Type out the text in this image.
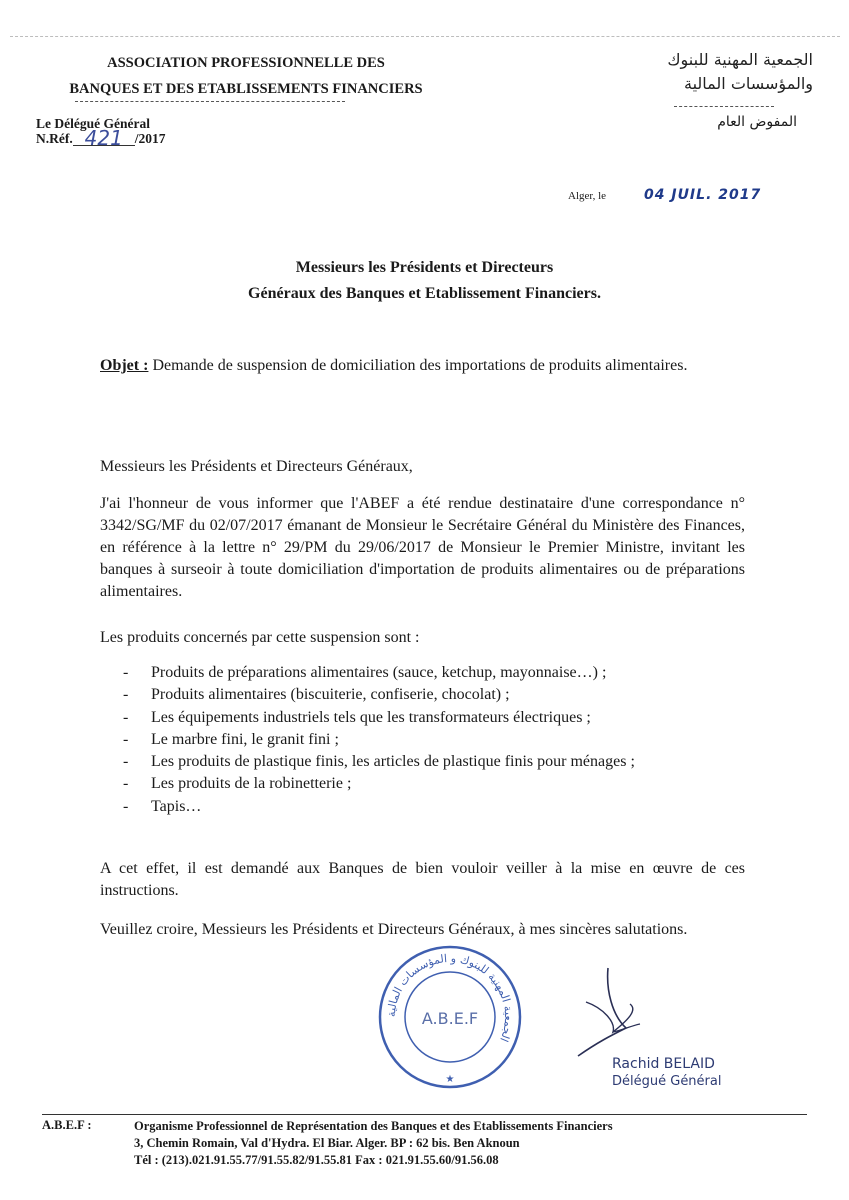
ASSOCIATION PROFESSIONNELLE DES
BANQUES ET DES ETABLISSEMENTS FINANCIERS
Le Délégué Général
N.Réf. 421 /2017
الجمعية المهنية للبنوك
والمؤسسات المالية
المفوض العام
Alger, le	04 JUIL. 2017
Messieurs les Présidents et Directeurs
Généraux des Banques et Etablissement Financiers.
Objet : Demande de suspension de domiciliation des importations de produits alimentaires.
Messieurs les Présidents et Directeurs Généraux,
J'ai l'honneur de vous informer que l'ABEF a été rendue destinataire d'une correspondance n° 3342/SG/MF du 02/07/2017 émanant de Monsieur le Secrétaire Général du Ministère des Finances, en référence à la lettre n° 29/PM du 29/06/2017 de Monsieur le Premier Ministre, invitant les banques à surseoir à toute domiciliation d'importation de produits alimentaires ou de préparations alimentaires.
Les produits concernés par cette suspension sont :
- Produits de préparations alimentaires (sauce, ketchup, mayonnaise…) ;
- Produits alimentaires (biscuiterie, confiserie, chocolat) ;
- Les équipements industriels tels que les transformateurs électriques ;
- Le marbre fini, le granit fini ;
- Les produits de plastique finis, les articles de plastique finis pour ménages ;
- Les produits de la robinetterie ;
- Tapis…
A cet effet, il est demandé aux Banques de bien vouloir veiller à la mise en œuvre de ces instructions.
Veuillez croire, Messieurs les Présidents et Directeurs Généraux, à mes sincères salutations.
الجمعية المهنية للبنوك و المؤسسات المالية
A.B.E.F
★
Rachid BELAID
Délégué Général
A.B.E.F :	Organisme Professionnel de Représentation des Banques et des Etablissements Financiers
3, Chemin Romain, Val d'Hydra. El Biar. Alger. BP : 62 bis. Ben Aknoun
Tél : (213).021.91.55.77/91.55.82/91.55.81 Fax : 021.91.55.60/91.56.08
